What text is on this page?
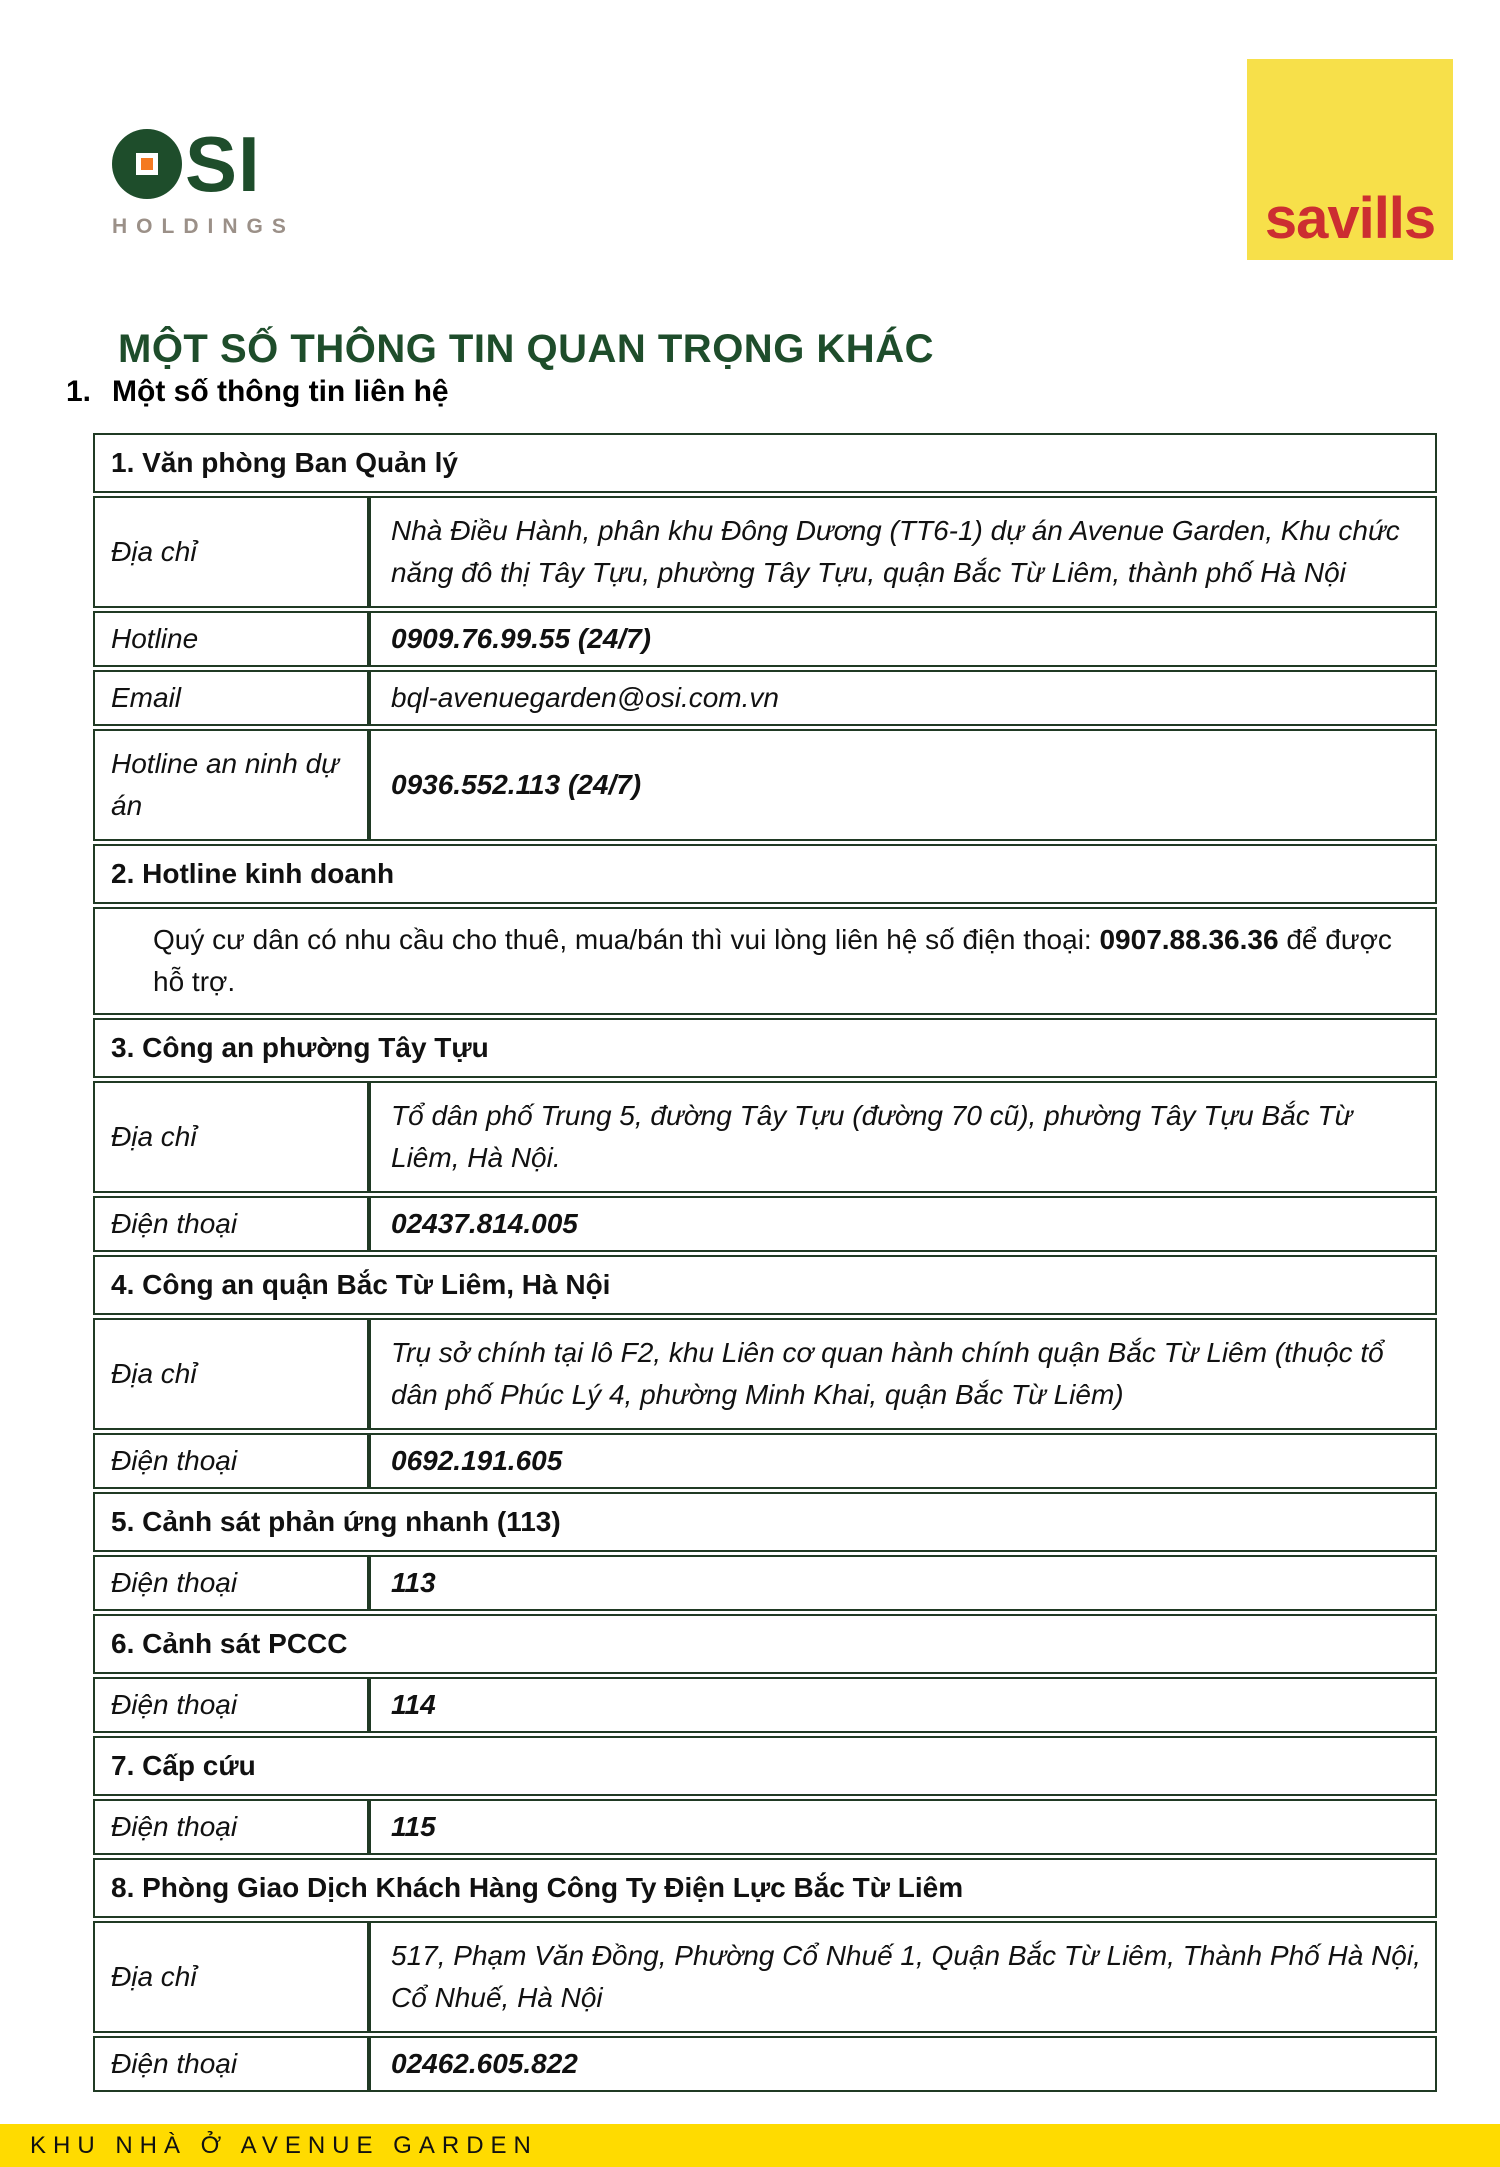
SI
HOLDINGS	savills
MỘT SỐ THÔNG TIN QUAN TRỌNG KHÁC
1. Một số thông tin liên hệ
1. Văn phòng Ban Quản lý	
Địa chỉ	Nhà Điều Hành, phân khu Đông Dương (TT6-1) dự án Avenue Garden, Khu chức năng đô thị Tây Tựu, phường Tây Tựu, quận Bắc Từ Liêm, thành phố Hà Nội
Hotline	0909.76.99.55 (24/7)
Email	bql-avenuegarden@osi.com.vn
Hotline an ninh dự án	0936.552.113 (24/7)
2. Hotline kinh doanh	
Quý cư dân có nhu cầu cho thuê, mua/bán thì vui lòng liên hệ số điện thoại: 0907.88.36.36 để được hỗ trợ.	
3. Công an phường Tây Tựu	
Địa chỉ	Tổ dân phố Trung 5, đường Tây Tựu (đường 70 cũ), phường Tây Tựu Bắc Từ Liêm, Hà Nội.
Điện thoại	02437.814.005
4. Công an quận Bắc Từ Liêm, Hà Nội	
Địa chỉ	Trụ sở chính tại lô F2, khu Liên cơ quan hành chính quận Bắc Từ Liêm (thuộc tổ dân phố Phúc Lý 4, phường Minh Khai, quận Bắc Từ Liêm)
Điện thoại	0692.191.605
5. Cảnh sát phản ứng nhanh (113)	
Điện thoại	113
6. Cảnh sát PCCC	
Điện thoại	114
7. Cấp cứu	
Điện thoại	115
8. Phòng Giao Dịch Khách Hàng Công Ty Điện Lực Bắc Từ Liêm	
Địa chỉ	517, Phạm Văn Đồng, Phường Cổ Nhuế 1, Quận Bắc Từ Liêm, Thành Phố Hà Nội, Cổ Nhuế, Hà Nội
Điện thoại	02462.605.822
KHU NHÀ Ở AVENUE GARDEN
